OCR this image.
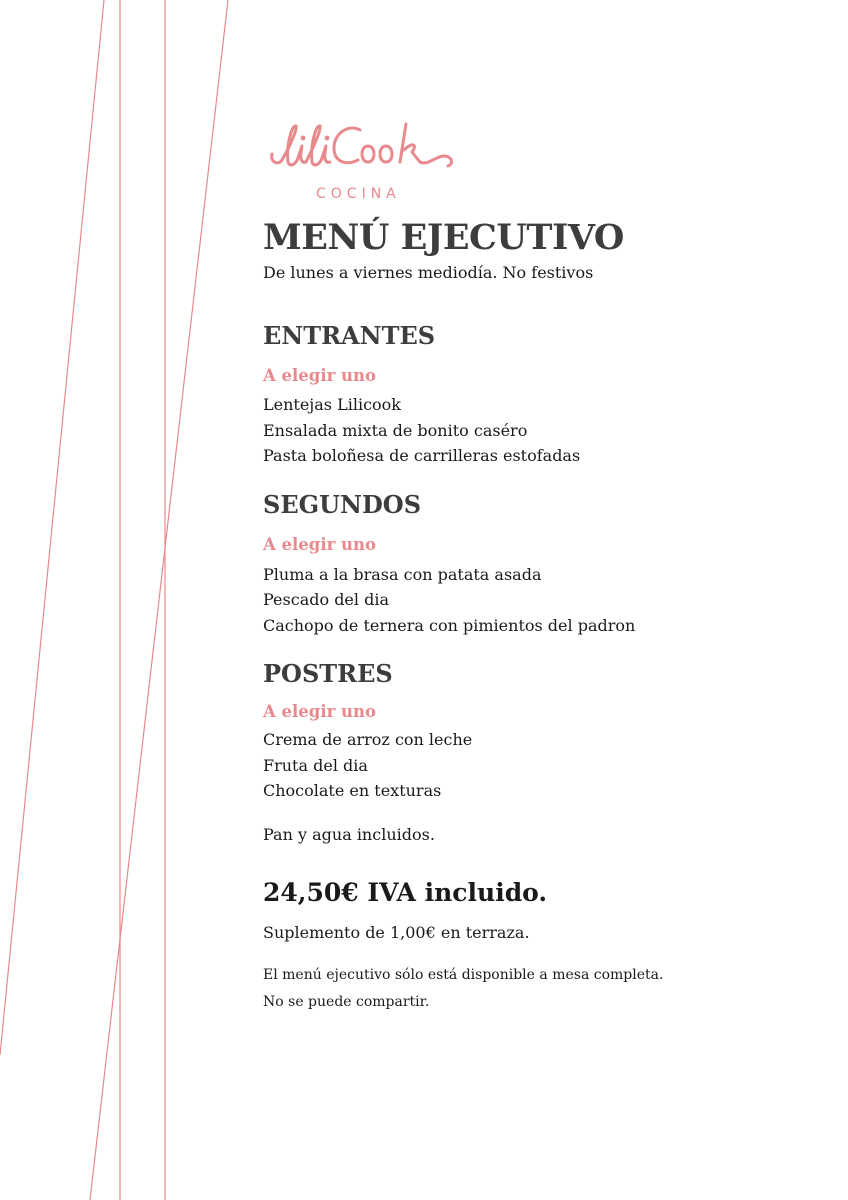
COCINA
MENÚ EJECUTIVO

De lunes a viernes mediodía. No festivos

ENTRANTES

A elegir uno

Lentejas Lilicook

Ensalada mixta de bonito caséro

Pasta boloñesa de carrilleras estofadas

SEGUNDOS

A elegir uno

Pluma a la brasa con patata asada

Pescado del dia

Cachopo de ternera con pimientos del padron

POSTRES

A elegir uno

Crema de arroz con leche

Fruta del dia

Chocolate en texturas

Pan y agua incluidos.

24,50€ IVA incluido.

Suplemento de 1,00€ en terraza.

El menú ejecutivo sólo está disponible a mesa completa.

No se puede compartir.
